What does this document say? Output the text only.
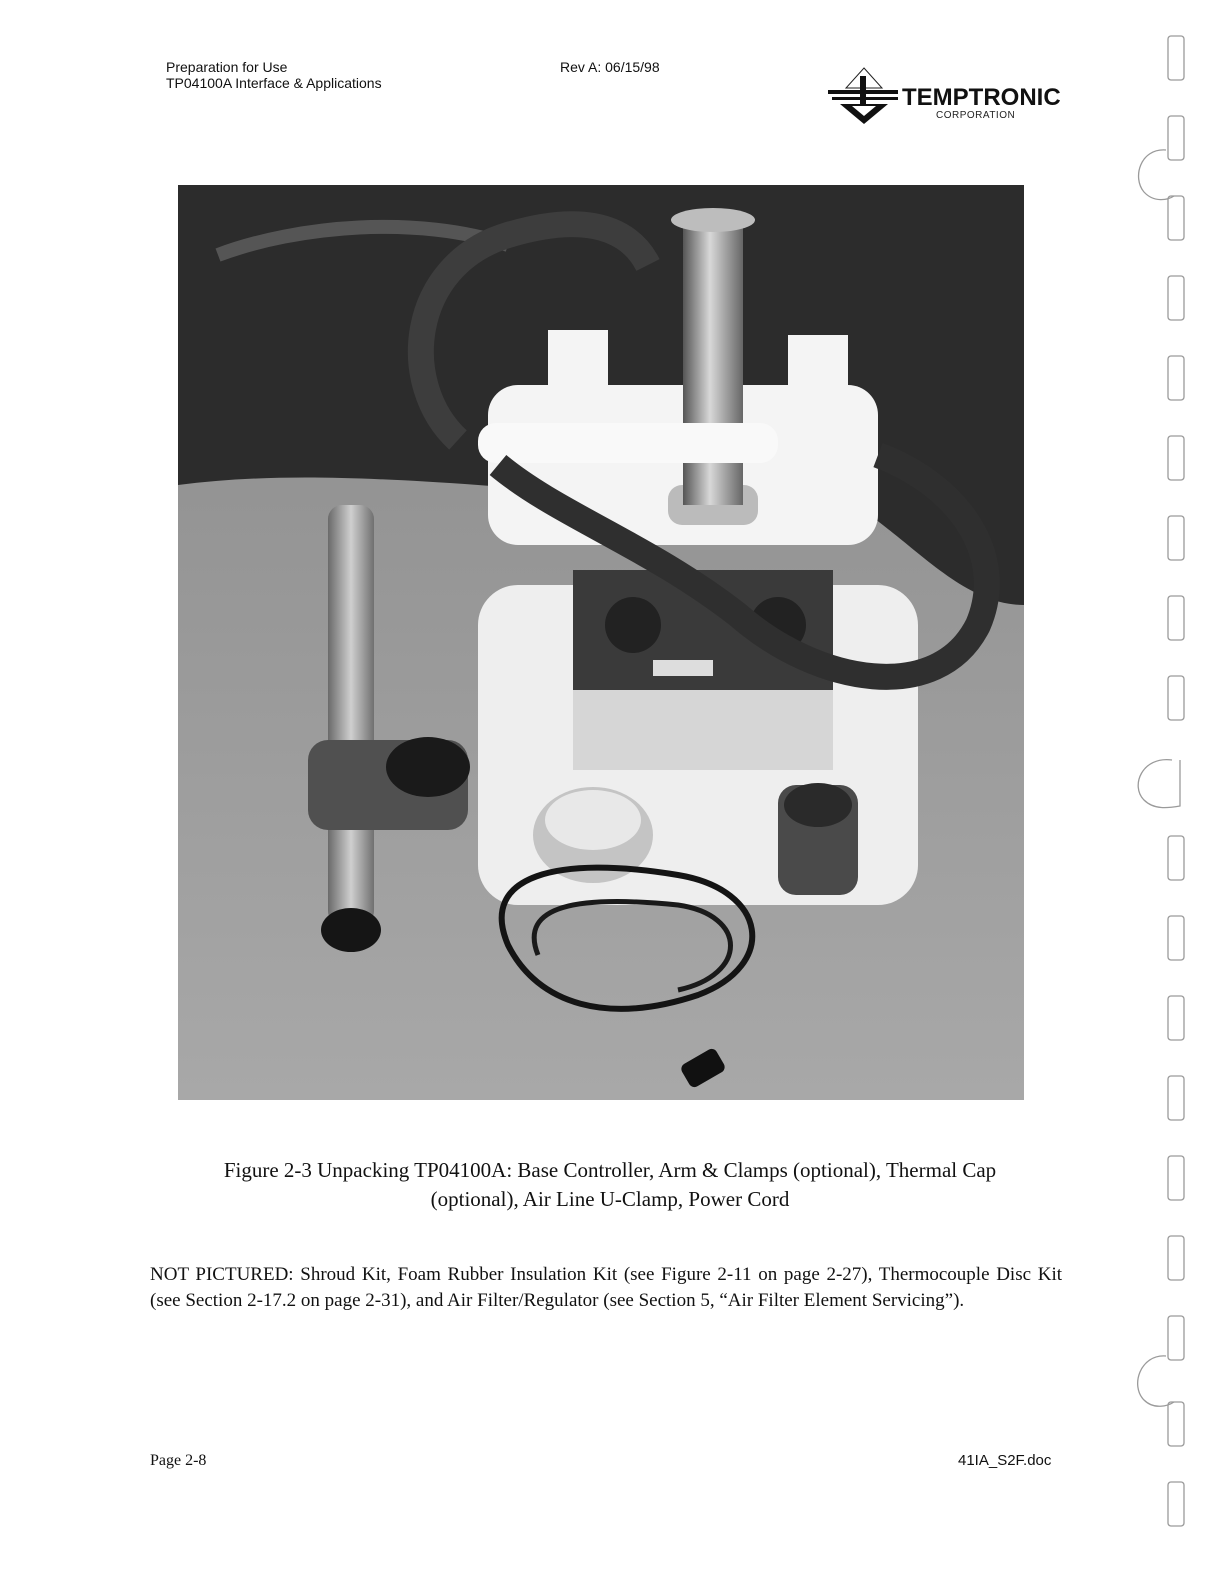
Preparation for Use
TP04100A Interface & Applications
Rev A: 06/15/98
TEMPTRONIC
CORPORATION
Figure 2-3 Unpacking TP04100A: Base Controller, Arm & Clamps (optional), Thermal Cap
(optional), Air Line U-Clamp, Power Cord
NOT PICTURED: Shroud Kit, Foam Rubber Insulation Kit (see Figure 2-11 on page 2-27), Thermocouple Disc Kit (see Section 2-17.2 on page 2-31), and Air Filter/Regulator (see Section 5, “Air Filter Element Servicing”).
Page 2-8	41IA_S2F.doc
